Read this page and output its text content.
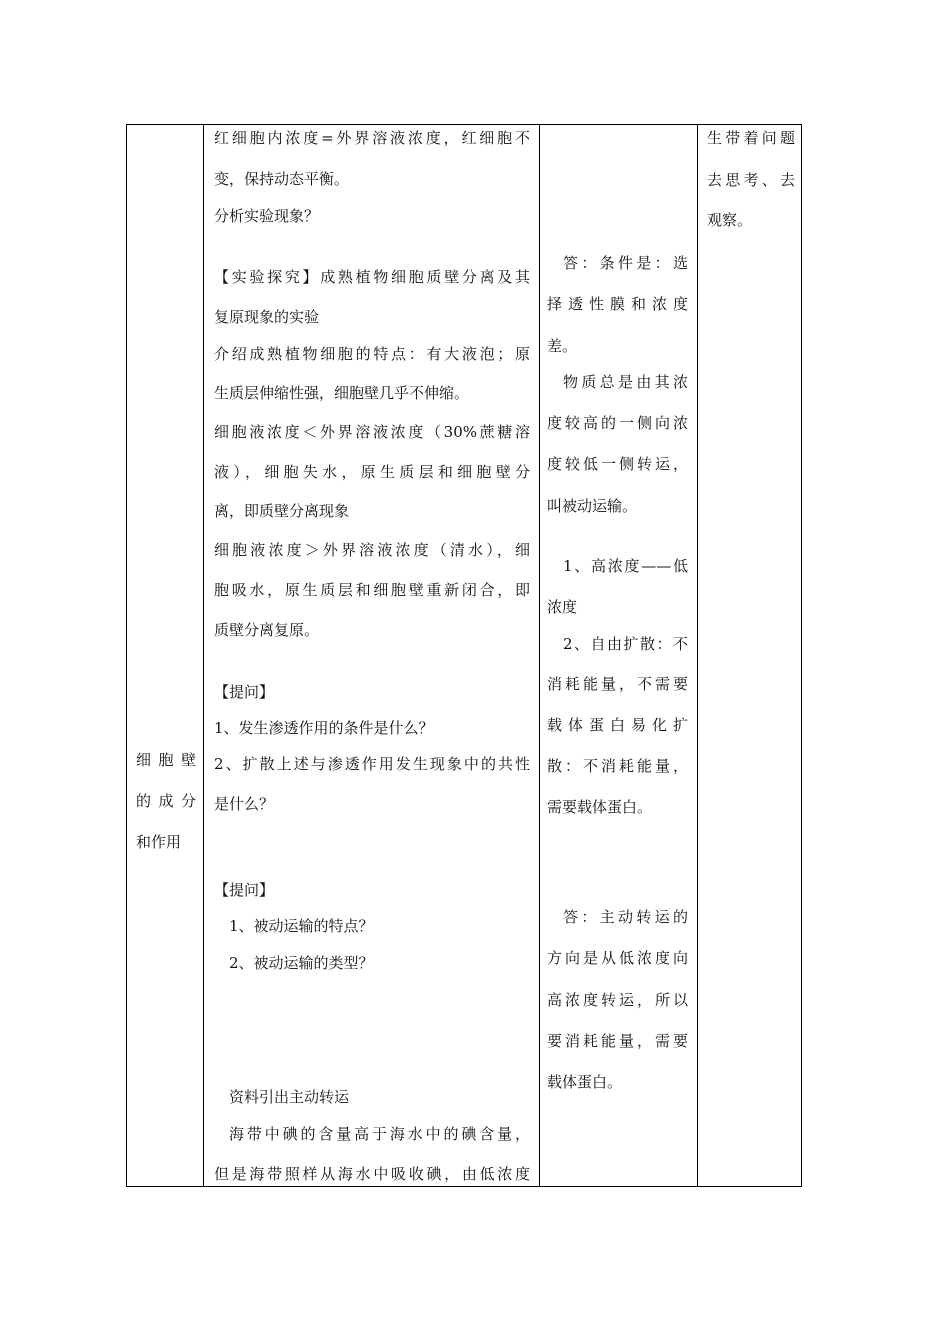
细胞壁
的成分
和作用
红细胞内浓度=外界溶液浓度，红细胞不
变，保持动态平衡。
分析实验现象？
【实验探究】成熟植物细胞质壁分离及其
复原现象的实验
介绍成熟植物细胞的特点：有大液泡；原
生质层伸缩性强，细胞壁几乎不伸缩。
细胞液浓度＜外界溶液浓度（30%蔗糖溶
液），细胞失水，原生质层和细胞壁分
离，即质壁分离现象
细胞液浓度＞外界溶液浓度（清水），细
胞吸水，原生质层和细胞壁重新闭合，即
质壁分离复原。
【提问】
1、发生渗透作用的条件是什么？
2、扩散上述与渗透作用发生现象中的共性
是什么？
【提问】
1、被动运输的特点？
2、被动运输的类型？
资料引出主动转运
海带中碘的含量高于海水中的碘含量，
但是海带照样从海水中吸收碘，由低浓度
答：条件是：选
择透性膜和浓度
差。
物质总是由其浓
度较高的一侧向浓
度较低一侧转运，
叫被动运输。
1、高浓度——低
浓度
2、自由扩散：不
消耗能量，不需要
载体蛋白易化扩
散：不消耗能量，
需要载体蛋白。
答：主动转运的
方向是从低浓度向
高浓度转运，所以
要消耗能量，需要
载体蛋白。
生带着问题
去思考、去
观察。
